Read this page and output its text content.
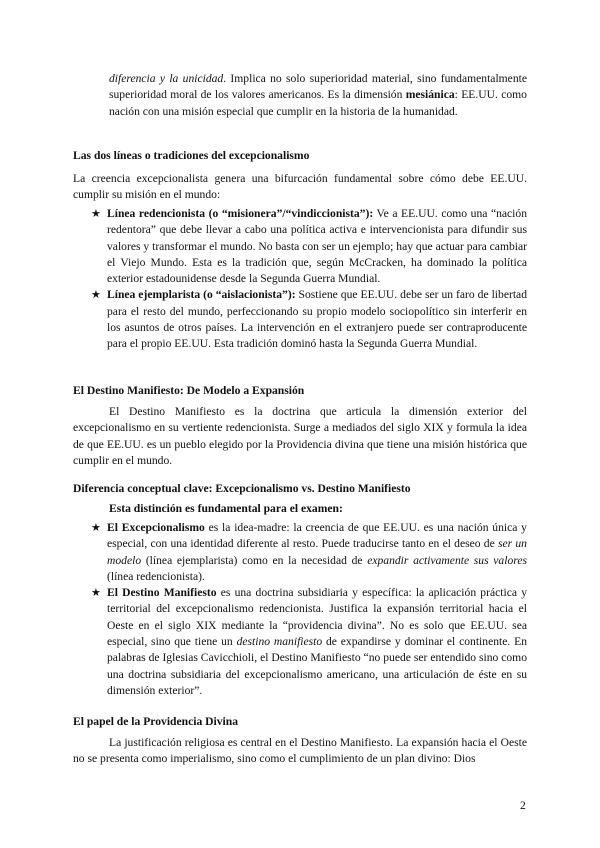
diferencia y la unicidad. Implica no solo superioridad material, sino fundamentalmente superioridad moral de los valores americanos. Es la dimensión mesiánica: EE.UU. como nación con una misión especial que cumplir en la historia de la humanidad.
Las dos líneas o tradiciones del excepcionalismo
La creencia excepcionalista genera una bifurcación fundamental sobre cómo debe EE.UU. cumplir su misión en el mundo:
★ Línea redencionista (o “misionera”/“vindiccionista”): Ve a EE.UU. como una “nación redentora” que debe llevar a cabo una política activa e intervencionista para difundir sus valores y transformar el mundo. No basta con ser un ejemplo; hay que actuar para cambiar el Viejo Mundo. Esta es la tradición que, según McCracken, ha dominado la política exterior estadounidense desde la Segunda Guerra Mundial.

★ Línea ejemplarista (o “aislacionista”): Sostiene que EE.UU. debe ser un faro de libertad para el resto del mundo, perfeccionando su propio modelo sociopolítico sin interferir en los asuntos de otros países. La intervención en el extranjero puede ser contraproducente para el propio EE.UU. Esta tradición dominó hasta la Segunda Guerra Mundial.

El Destino Manifiesto: De Modelo a Expansión
El Destino Manifiesto es la doctrina que articula la dimensión exterior del excepcionalismo en su vertiente redencionista. Surge a mediados del siglo XIX y formula la idea de que EE.UU. es un pueblo elegido por la Providencia divina que tiene una misión histórica que cumplir en el mundo.
Diferencia conceptual clave: Excepcionalismo vs. Destino Manifiesto
Esta distinción es fundamental para el examen:
★ El Excepcionalismo es la idea-madre: la creencia de que EE.UU. es una nación única y especial, con una identidad diferente al resto. Puede traducirse tanto en el deseo de ser un modelo (línea ejemplarista) como en la necesidad de expandir activamente sus valores (línea redencionista).

★ El Destino Manifiesto es una doctrina subsidiaria y específica: la aplicación práctica y territorial del excepcionalismo redencionista. Justifica la expansión territorial hacia el Oeste en el siglo XIX mediante la “providencia divina”. No es solo que EE.UU. sea especial, sino que tiene un destino manifiesto de expandirse y dominar el continente. En palabras de Iglesias Cavicchioli, el Destino Manifiesto “no puede ser entendido sino como una doctrina subsidiaria del excepcionalismo americano, una articulación de éste en su dimensión exterior”.

El papel de la Providencia Divina
La justificación religiosa es central en el Destino Manifiesto. La expansión hacia el Oeste no se presenta como imperialismo, sino como el cumplimiento de un plan divino: Dios
2
